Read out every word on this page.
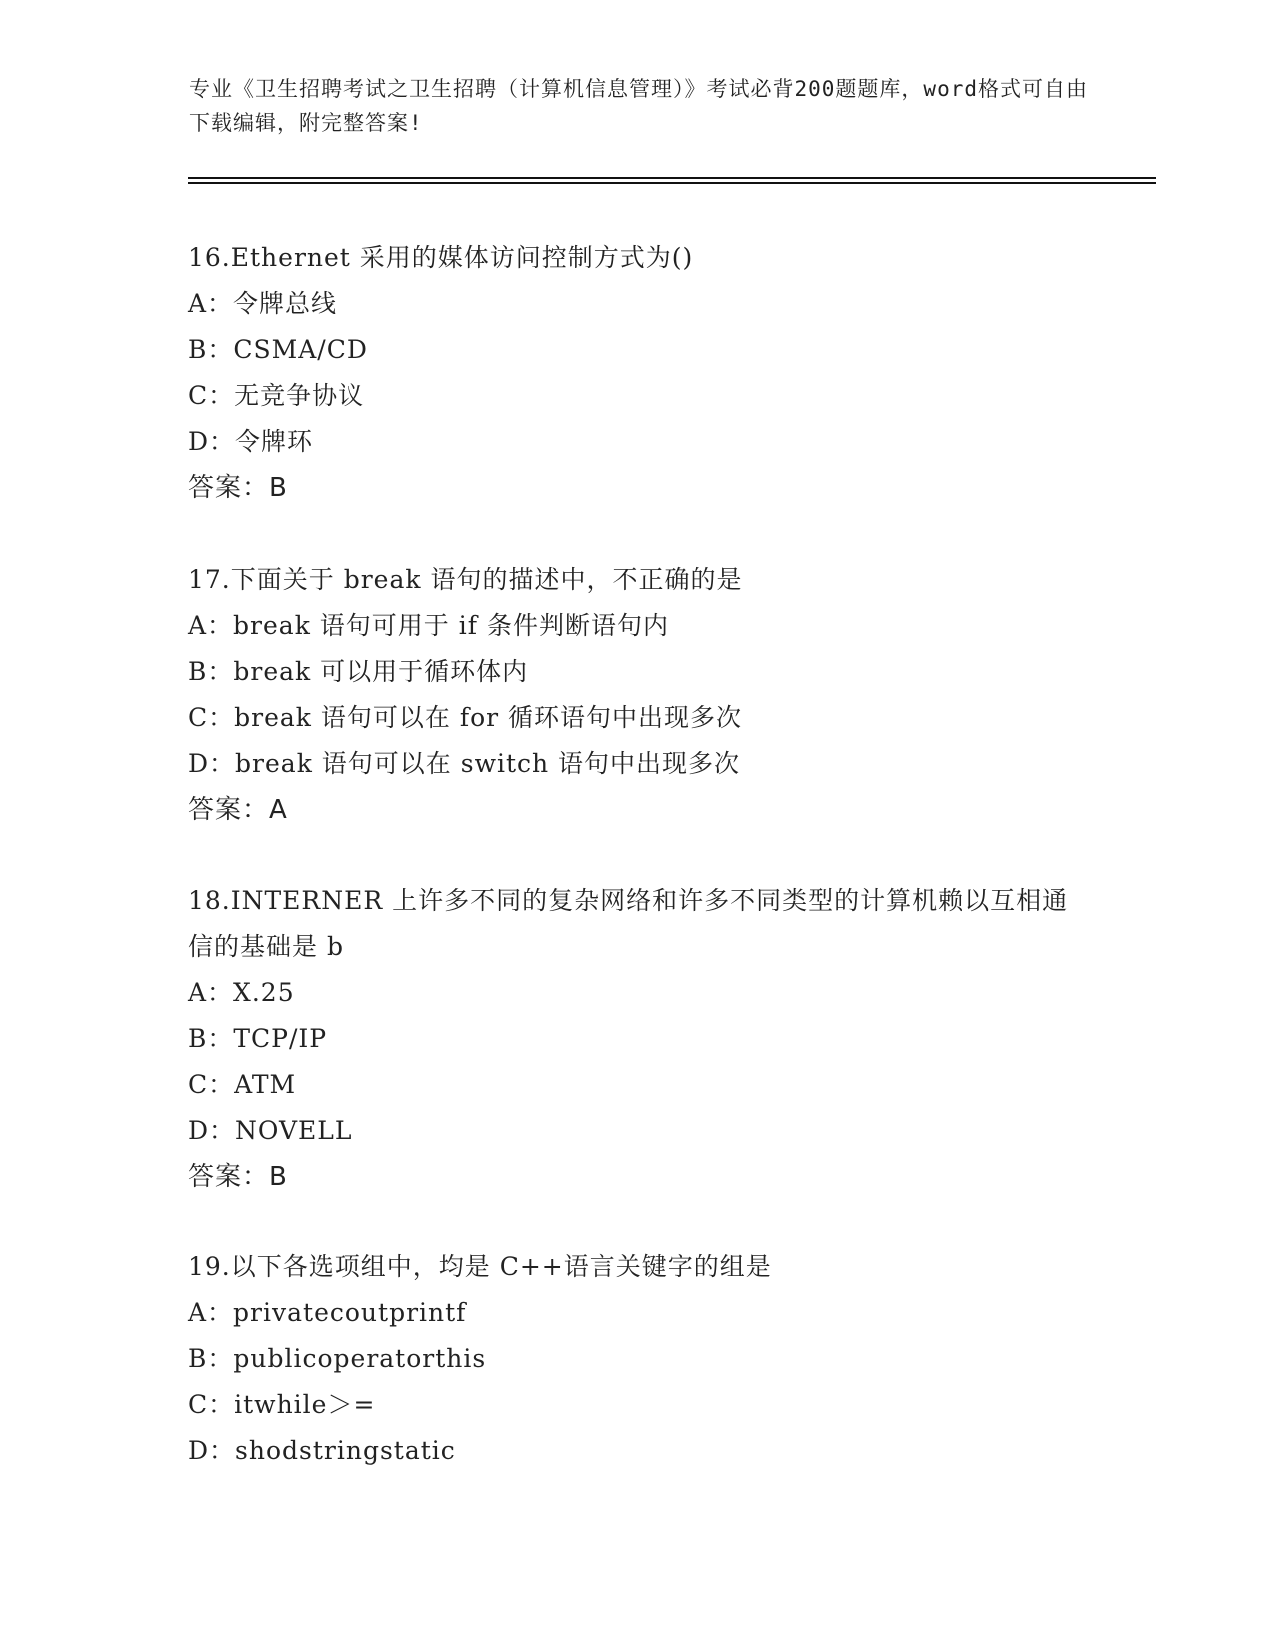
专业《卫生招聘考试之卫生招聘（计算机信息管理）》考试必背200题题库，word格式可自由下载编辑，附完整答案!
16.Ethernet 采用的媒体访问控制方式为()
A：令牌总线
B：CSMA/CD
C：无竞争协议
D：令牌环
答案：B
17.下面关于 break 语句的描述中，不正确的是
A：break 语句可用于 if 条件判断语句内
B：break 可以用于循环体内
C：break 语句可以在 for 循环语句中出现多次
D：break 语句可以在 switch 语句中出现多次
答案：A
18.INTERNER 上许多不同的复杂网络和许多不同类型的计算机赖以互相通信的基础是 b
A：X.25
B：TCP/IP
C：ATM
D：NOVELL
答案：B
19.以下各选项组中，均是 C++语言关键字的组是
A：privatecoutprintf
B：publicoperatorthis
C：itwhile＞=
D：shodstringstatic
